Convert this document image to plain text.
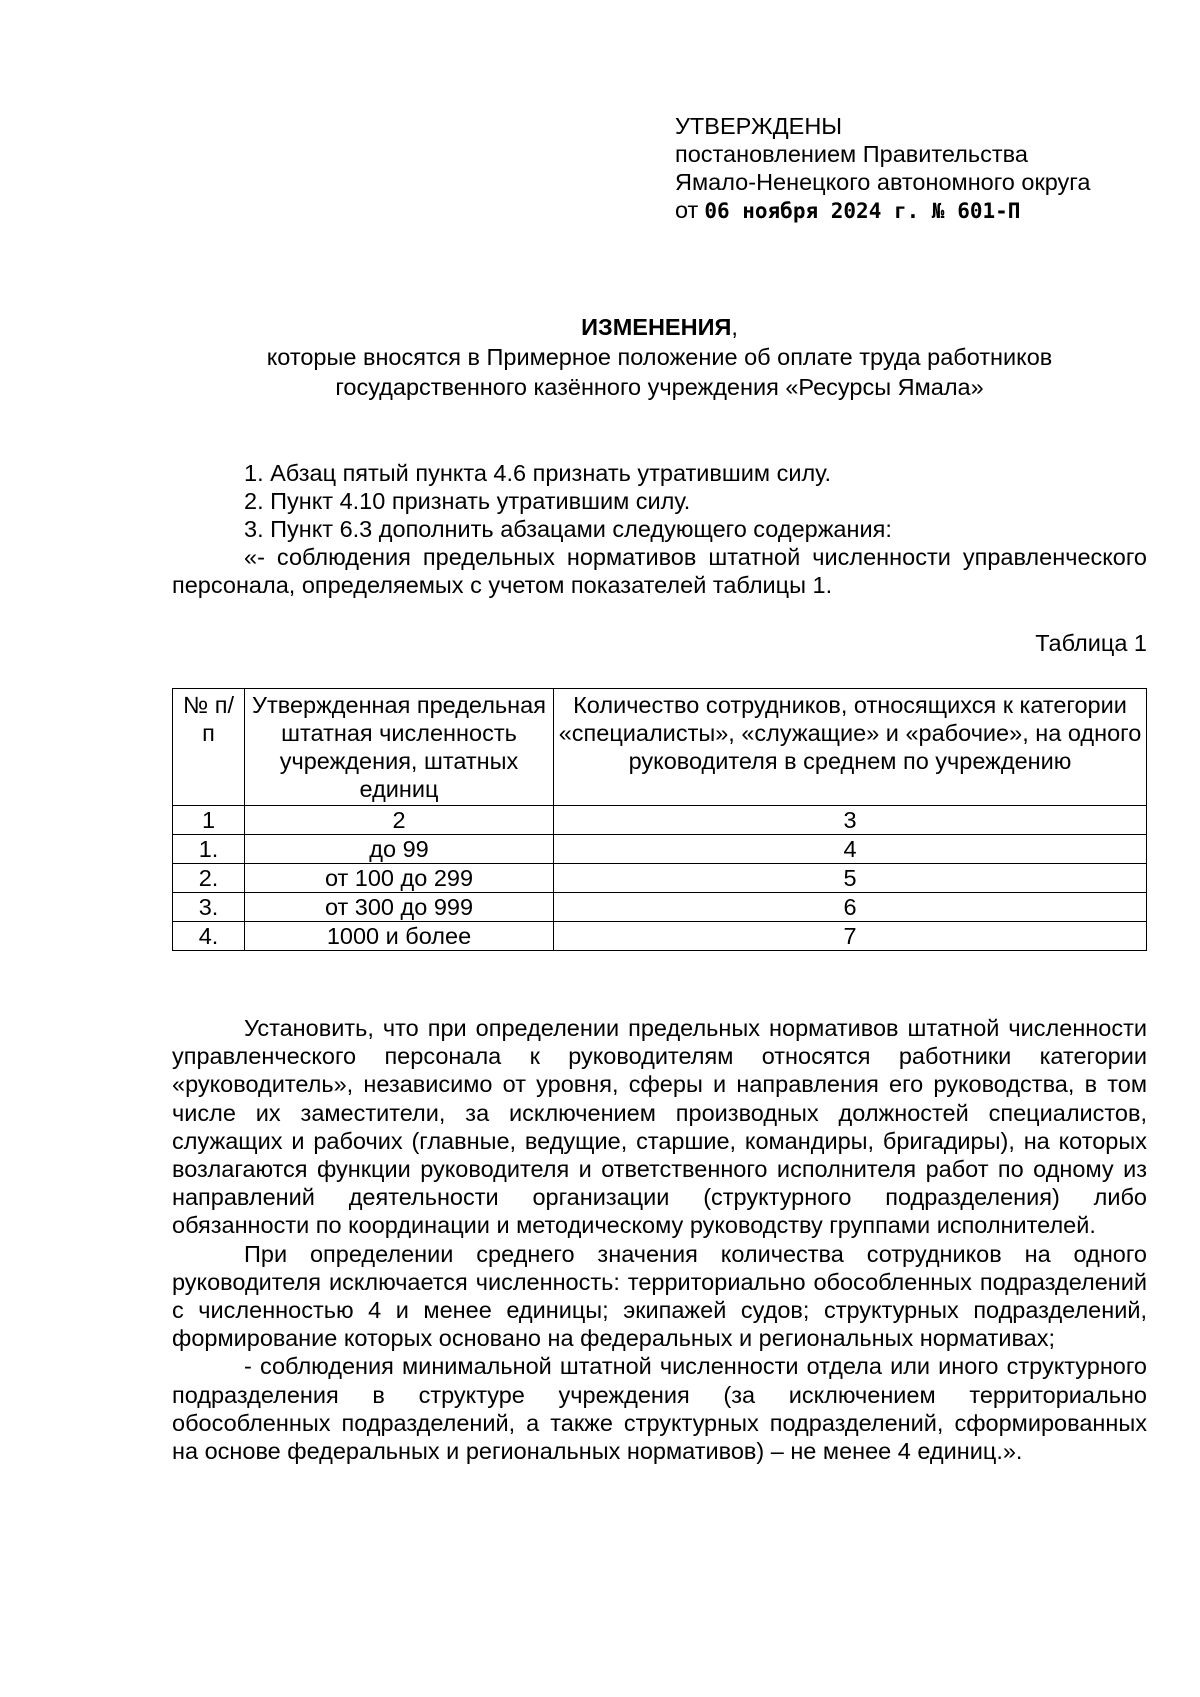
УТВЕРЖДЕНЫ

постановлением Правительства

Ямало-Ненецкого автономного округа

от 06 ноября 2024 г. № 601-П

ИЗМЕНЕНИЯ,

которые вносятся в Примерное положение об оплате труда работников

государственного казённого учреждения «Ресурсы Ямала»

1. Абзац пятый пункта 4.6 признать утратившим силу.

2. Пункт 4.10 признать утратившим силу.

3. Пункт 6.3 дополнить абзацами следующего содержания:

«- соблюдения предельных нормативов штатной численности управленческого персонала, определяемых с учетом показателей таблицы 1.

Таблица 1
№ п/п	Утвержденная предельная штатная численность учреждения, штатных единиц	Количество сотрудников, относящихся к категории «специалисты», «служащие» и «рабочие», на одного руководителя в среднем по учреждению
1	2	3
1.	до 99	4
2.	от 100 до 299	5
3.	от 300 до 999	6
4.	1000 и более	7

Установить, что при определении предельных нормативов штатной численности управленческого персонала к руководителям относятся работники категории «руководитель», независимо от уровня, сферы и направления его руководства, в том числе их заместители, за исключением производных должностей специалистов, служащих и рабочих (главные, ведущие, старшие, командиры, бригадиры), на которых возлагаются функции руководителя и ответственного исполнителя работ по одному из направлений деятельности организации (структурного подразделения) либо обязанности по координации и методическому руководству группами исполнителей.

При определении среднего значения количества сотрудников на одного руководителя исключается численность: территориально обособленных подразделений с численностью 4 и менее единицы; экипажей судов; структурных подразделений, формирование которых основано на федеральных и региональных нормативах;

- соблюдения минимальной штатной численности отдела или иного структурного подразделения в структуре учреждения (за исключением территориально обособленных подразделений, а также структурных подразделений, сформированных на основе федеральных и региональных нормативов) – не менее 4 единиц.».
